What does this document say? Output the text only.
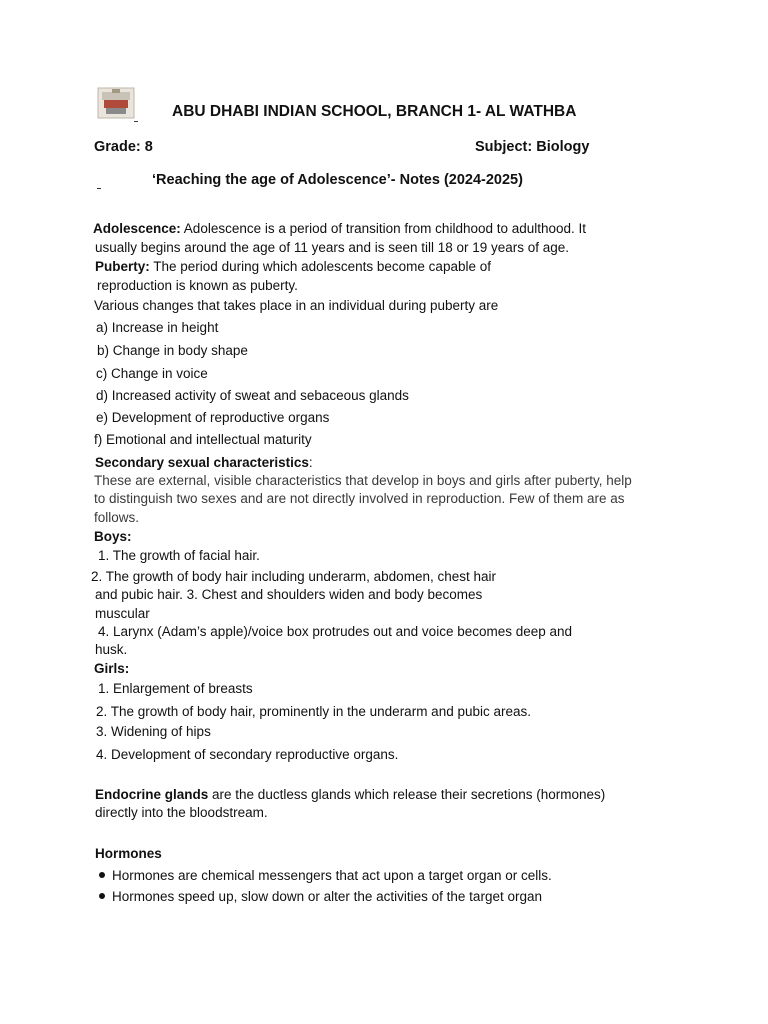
ABU DHABI INDIAN SCHOOL, BRANCH 1- AL WATHBA
Grade: 8	Subject: Biology
‘Reaching the age of Adolescence’- Notes (2024-2025)
Adolescence: Adolescence is a period of transition from childhood to adulthood. It
usually begins around the age of 11 years and is seen till 18 or 19 years of age.
Puberty: The period during which adolescents become capable of
reproduction is known as puberty.
Various changes that takes place in an individual during puberty are
a) Increase in height
b) Change in body shape
c) Change in voice
d) Increased activity of sweat and sebaceous glands
e) Development of reproductive organs
f) Emotional and intellectual maturity
Secondary sexual characteristics:
These are external, visible characteristics that develop in boys and girls after puberty, help
to distinguish two sexes and are not directly involved in reproduction. Few of them are as
follows.
Boys:
1. The growth of facial hair.
2. The growth of body hair including underarm, abdomen, chest hair
and pubic hair. 3. Chest and shoulders widen and body becomes
muscular
4. Larynx (Adam’s apple)/voice box protrudes out and voice becomes deep and
husk.
Girls:
1. Enlargement of breasts
2. The growth of body hair, prominently in the underarm and pubic areas.
3. Widening of hips
4. Development of secondary reproductive organs.
Endocrine glands are the ductless glands which release their secretions (hormones)
directly into the bloodstream.
Hormones
Hormones are chemical messengers that act upon a target organ or cells.
Hormones speed up, slow down or alter the activities of the target organ
